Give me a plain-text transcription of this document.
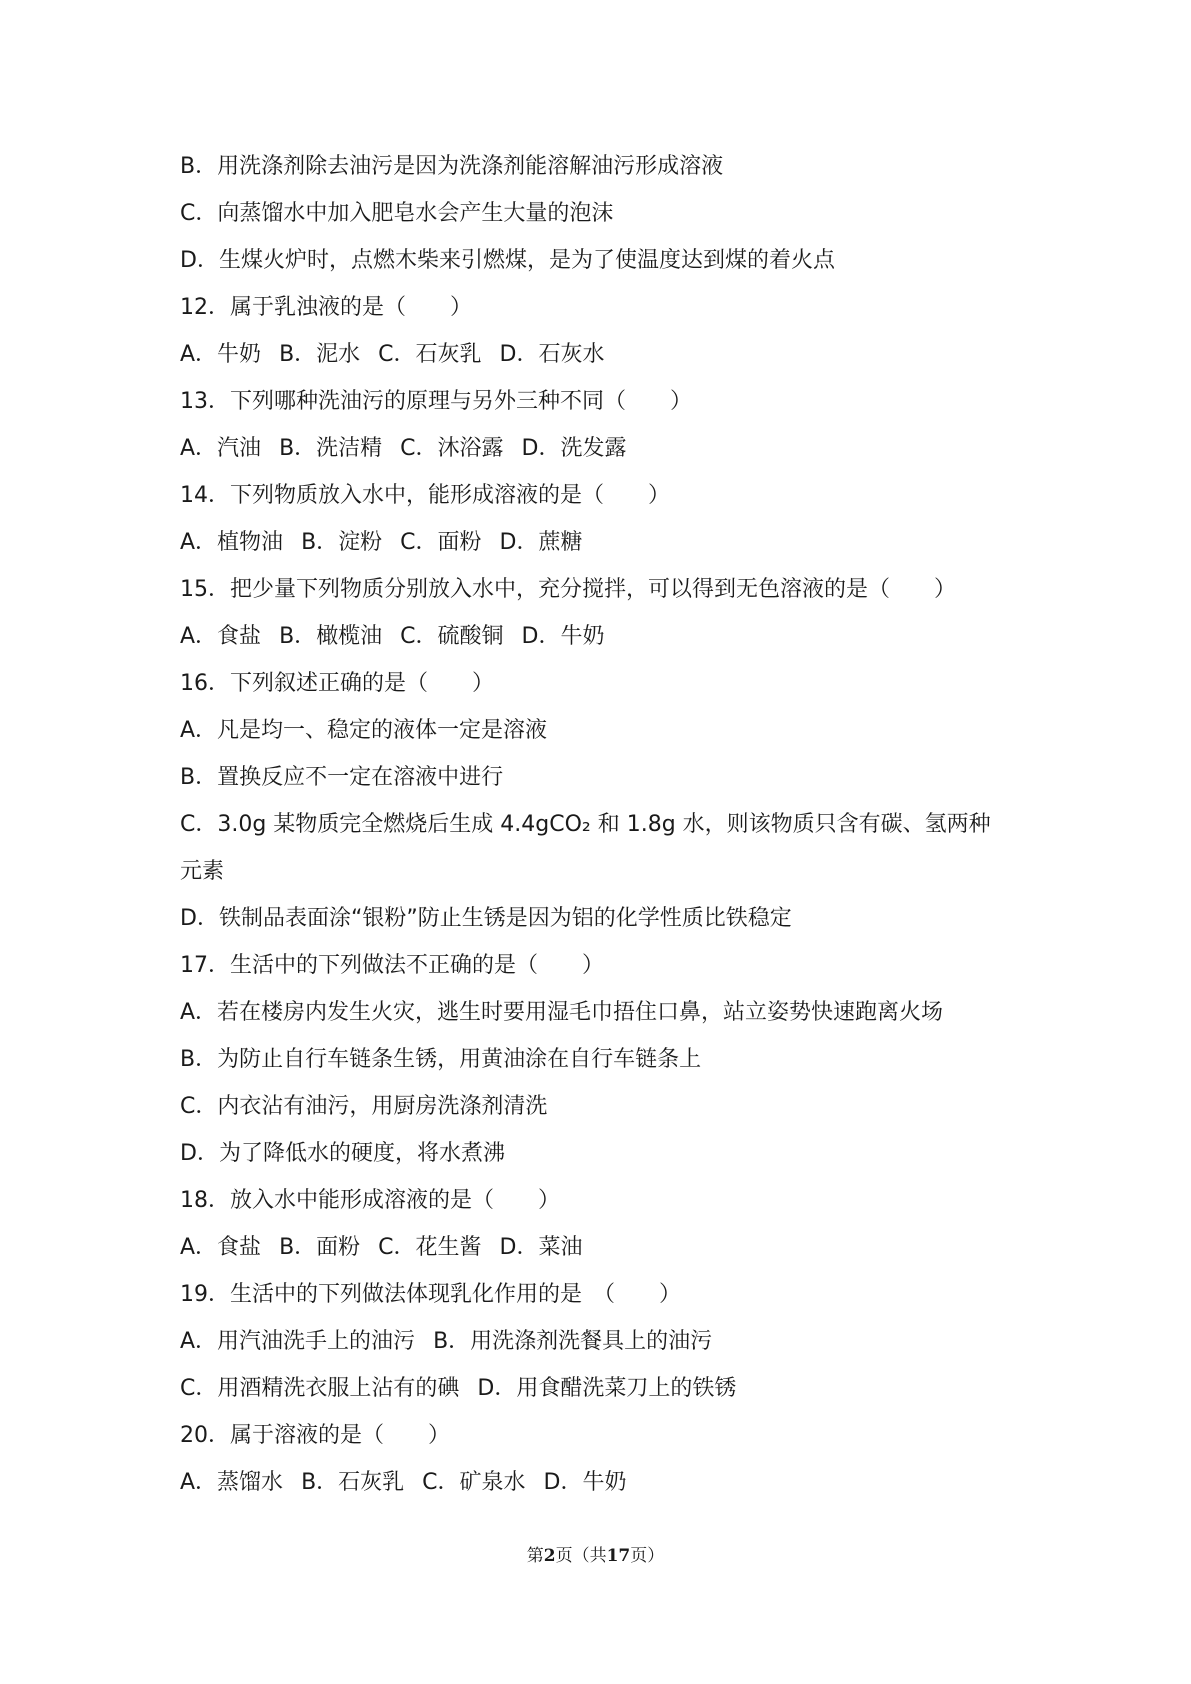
B．用洗涤剂除去油污是因为洗涤剂能溶解油污形成溶液
C．向蒸馏水中加入肥皂水会产生大量的泡沫
D．生煤火炉时，点燃木柴来引燃煤，是为了使温度达到煤的着火点
12．属于乳浊液的是（　　）
A．牛奶 B．泥水 C．石灰乳 D．石灰水
13．下列哪种洗油污的原理与另外三种不同（　　）
A．汽油 B．洗洁精 C．沐浴露 D．洗发露
14．下列物质放入水中，能形成溶液的是（　　）
A．植物油 B．淀粉 C．面粉 D．蔗糖
15．把少量下列物质分别放入水中，充分搅拌，可以得到无色溶液的是（　　）
A．食盐 B．橄榄油 C．硫酸铜 D．牛奶
16．下列叙述正确的是（　　）
A．凡是均一、稳定的液体一定是溶液
B．置换反应不一定在溶液中进行
C．3.0g 某物质完全燃烧后生成 4.4gCO₂ 和 1.8g 水，则该物质只含有碳、氢两种
元素
D．铁制品表面涂“银粉”防止生锈是因为铝的化学性质比铁稳定
17．生活中的下列做法不正确的是（　　）
A．若在楼房内发生火灾，逃生时要用湿毛巾捂住口鼻，站立姿势快速跑离火场
B．为防止自行车链条生锈，用黄油涂在自行车链条上
C．内衣沾有油污，用厨房洗涤剂清洗
D．为了降低水的硬度，将水煮沸
18．放入水中能形成溶液的是（　　）
A．食盐 B．面粉 C．花生酱 D．菜油
19．生活中的下列做法体现乳化作用的是　（　　）
A．用汽油洗手上的油污 B．用洗涤剂洗餐具上的油污
C．用酒精洗衣服上沾有的碘 D．用食醋洗菜刀上的铁锈
20．属于溶液的是（　　）
A．蒸馏水 B．石灰乳 C．矿泉水 D．牛奶
第2页（共17页）
